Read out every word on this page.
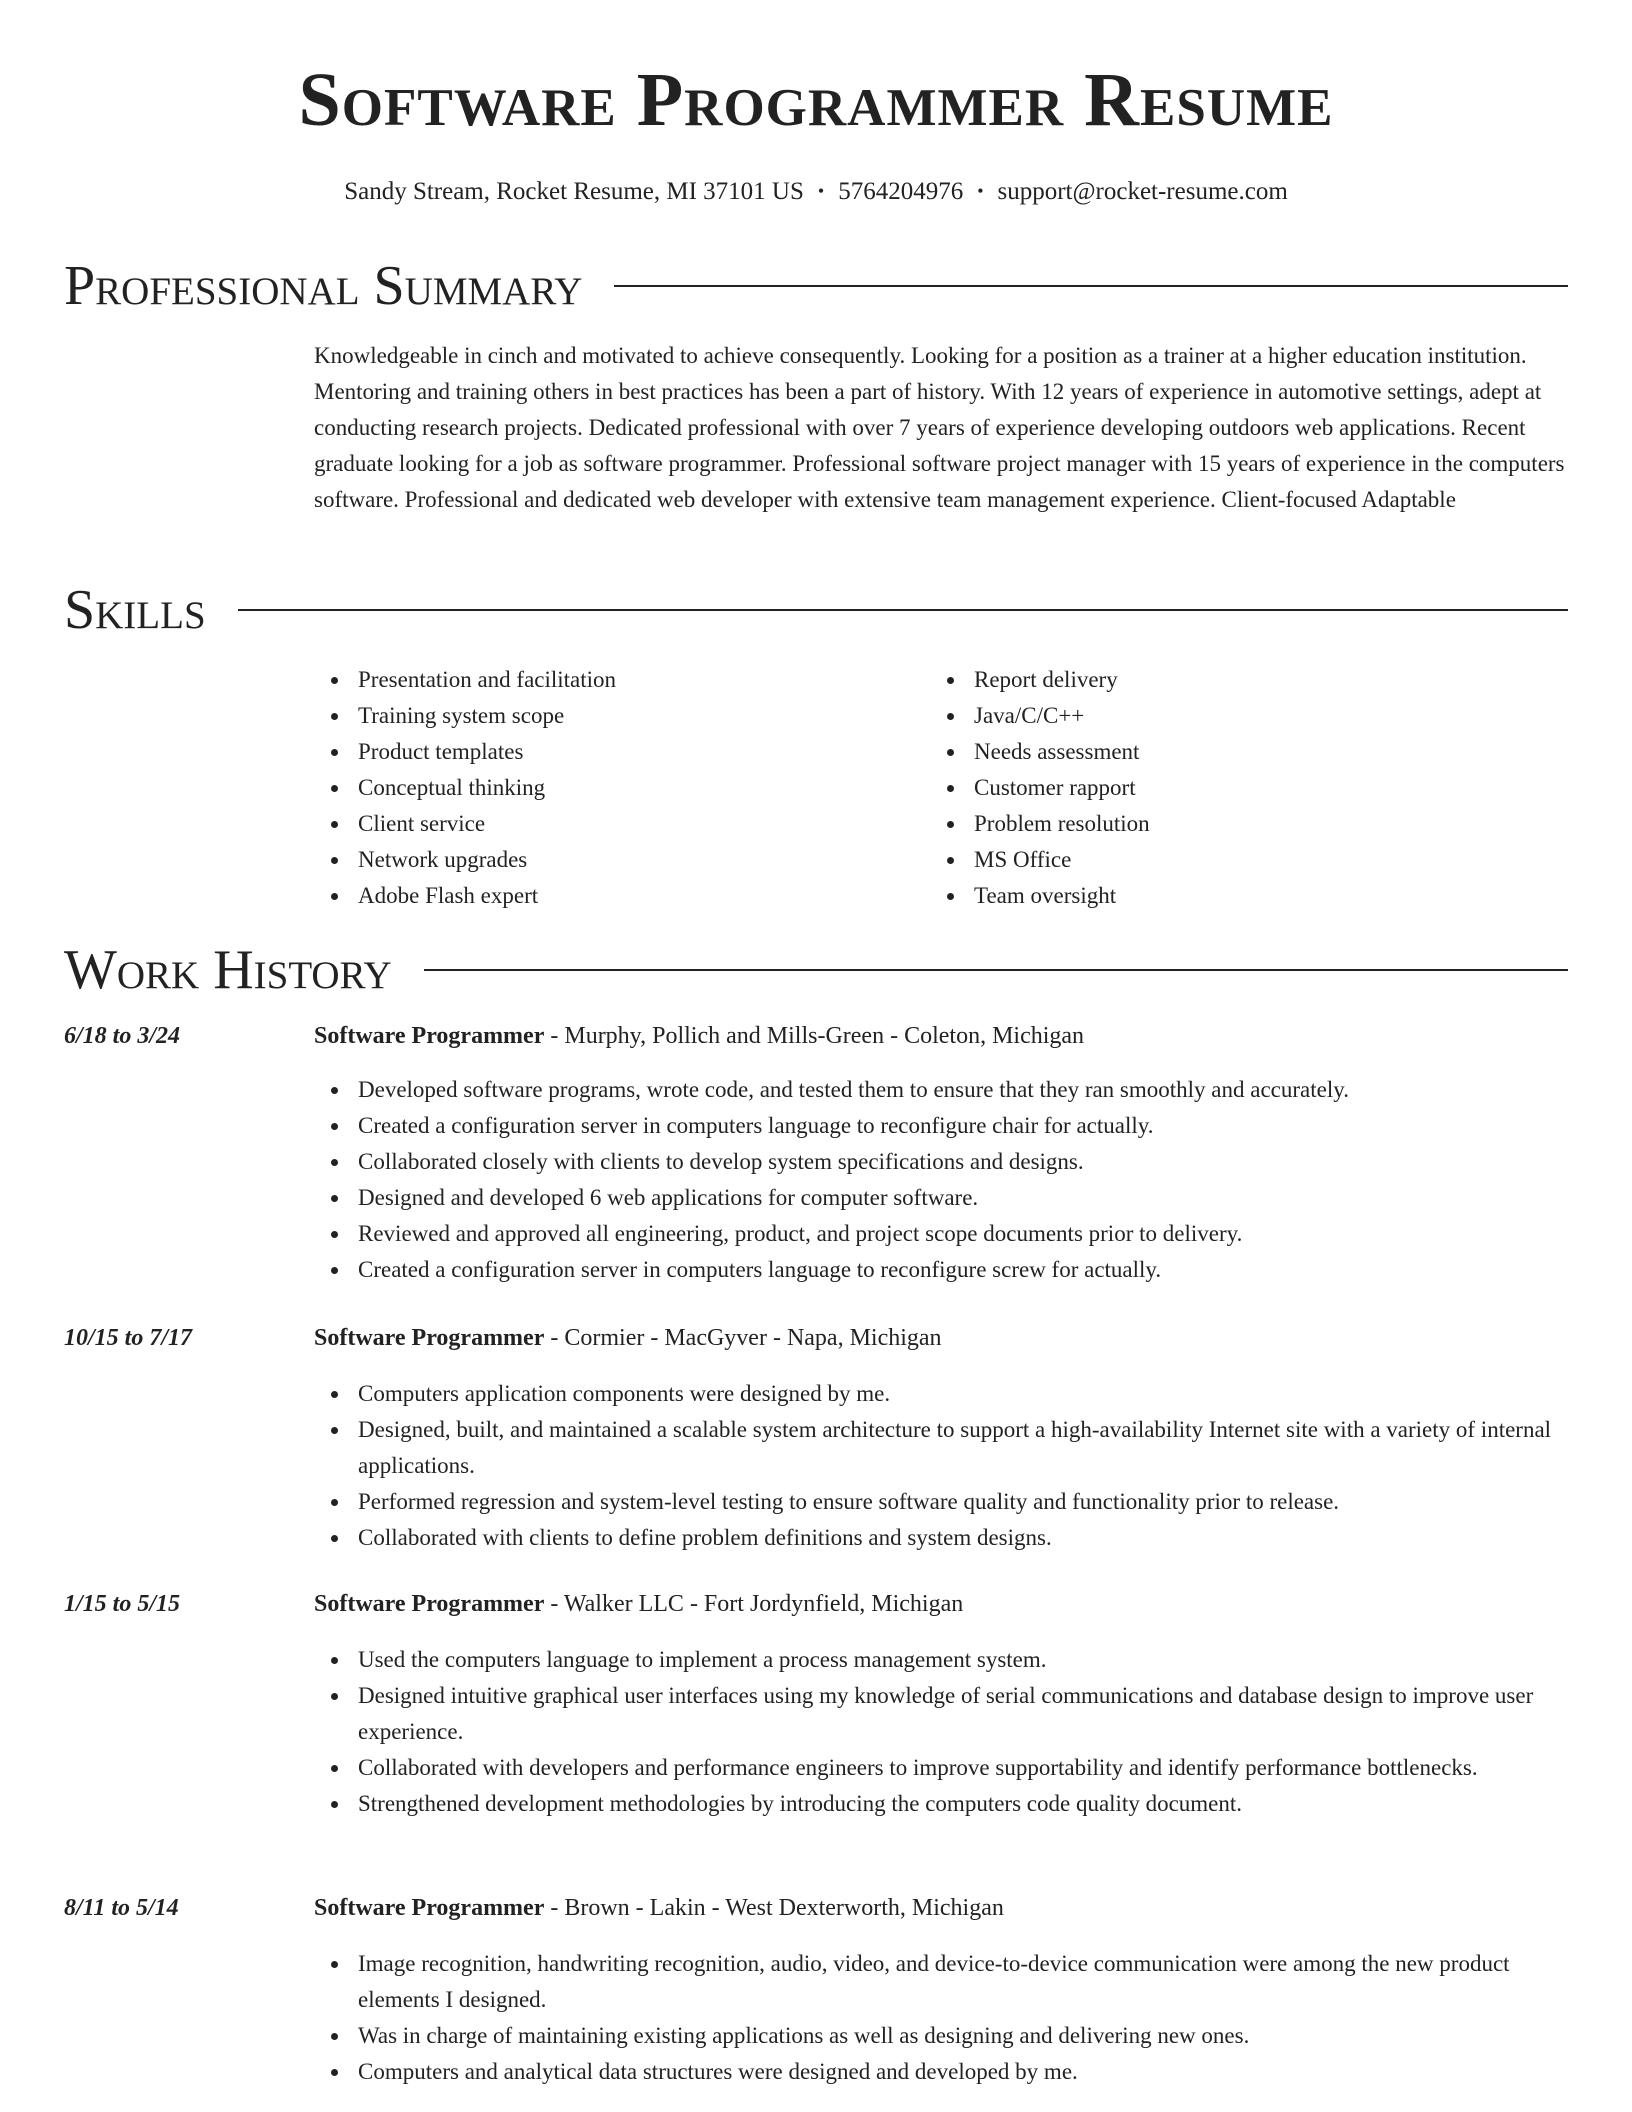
Software Programmer Resume
Sandy Stream, Rocket Resume, MI 37101 US • 5764204976 • support@rocket-resume.com
Professional Summary

Knowledgeable in cinch and motivated to achieve consequently. Looking for a position as a trainer at a higher education institution. Mentoring and training others in best practices has been a part of history. With 12 years of experience in automotive settings, adept at conducting research projects. Dedicated professional with over 7 years of experience developing outdoors web applications. Recent graduate looking for a job as software programmer. Professional software project manager with 15 years of experience in the computers software. Professional and dedicated web developer with extensive team management experience. Client-focused Adaptable

Skills
Presentation and facilitation
Training system scope
Product templates
Conceptual thinking
Client service
Network upgrades
Adobe Flash expert
Report delivery
Java/C/C++
Needs assessment
Customer rapport
Problem resolution
MS Office
Team oversight
Work History
6/18 to 3/24	Software Programmer - Murphy, Pollich and Mills-Green - Coleton, Michigan
Developed software programs, wrote code, and tested them to ensure that they ran smoothly and accurately.
Created a configuration server in computers language to reconfigure chair for actually.
Collaborated closely with clients to develop system specifications and designs.
Designed and developed 6 web applications for computer software.
Reviewed and approved all engineering, product, and project scope documents prior to delivery.
Created a configuration server in computers language to reconfigure screw for actually.
10/15 to 7/17	Software Programmer - Cormier - MacGyver - Napa, Michigan
Computers application components were designed by me.
Designed, built, and maintained a scalable system architecture to support a high-availability Internet site with a variety of internal applications.
Performed regression and system-level testing to ensure software quality and functionality prior to release.
Collaborated with clients to define problem definitions and system designs.
1/15 to 5/15	Software Programmer - Walker LLC - Fort Jordynfield, Michigan
Used the computers language to implement a process management system.
Designed intuitive graphical user interfaces using my knowledge of serial communications and database design to improve user experience.
Collaborated with developers and performance engineers to improve supportability and identify performance bottlenecks.
Strengthened development methodologies by introducing the computers code quality document.
8/11 to 5/14	Software Programmer - Brown - Lakin - West Dexterworth, Michigan
Image recognition, handwriting recognition, audio, video, and device-to-device communication were among the new product elements I designed.
Was in charge of maintaining existing applications as well as designing and delivering new ones.
Computers and analytical data structures were designed and developed by me.
